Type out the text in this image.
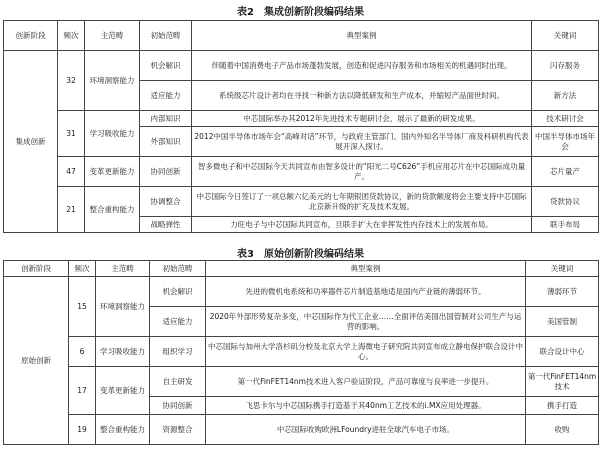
表2　集成创新阶段编码结果
创新阶段	频次	主范畴	初始范畴	典型案例	关键词
集成创新	32	环境洞察能力	机会解识	伴随着中国消费电子产品市场蓬勃发展，创造和促进闪存服务和市场相关的机遇同时出现。	闪存服务
			适应能力	系统级芯片设计者均在寻找一种新方法以降低研发和生产成本，并缩短产品面世时间。	新方法
	31	学习吸收能力	内部知识	中芯国际举办其2012年先进技术专题研讨会，展示了最新的研发成果。	技术研讨会
			外部知识	2012中国半导体市场年会“高峰对话”环节，与政府主管部门、国内外知名半导体厂商及科研机构代表展开深入探讨。	中国半导体市场年会
	47	变革更新能力	协同创新	智多微电子和中芯国际今天共同宣布由智多设计的“阳光二号C626”手机应用芯片在中芯国际成功量产。	芯片量产
	21	整合重构能力	协调整合	中芯国际今日签订了一项总额六亿美元的七年期银团贷款协议，新的贷款额度将会主要支持中芯国际北京新升级的扩充及技术发展。	贷款协议
			战略弹性	力旺电子与中芯国际共同宣布，旦联手扩大在非挥发性内存技术上的发展布局。	联手布局
表3　原始创新阶段编码结果
创新阶段	频次	主范畴	初始范畴	典型案例	关键词
原始创新	15	环境洞察能力	机会解识	先进的微机电系统和功率器件芯片制造基地适是国内产业链的薄弱环节。	薄弱环节
			适应能力	2020年外部形势复杂多变，中芯国际作为代工企业……全面评估美国出国管制对公司生产与运营的影响。	美国管制
	6	学习吸收能力	组织学习	中芯国际与加州大学洛杉矶分校及北京大学上海微电子研究院共同宣布成立静电保护联合设计中心。	联合设计中心
	17	变革更新能力	自主研发	第一代FinFET14nm技术进入客户验证阶段，产品可靠度与良率进一步提升。	第一代FinFET14nm技术
			协同创新	飞思卡尔与中芯国际携手打造基于其40nm工艺技术的i.MX应用处理器。	携手打造
	19	整合重构能力	资源整合	中芯国际收购欧洲LFoundry进驻全球汽车电子市场。	收购
